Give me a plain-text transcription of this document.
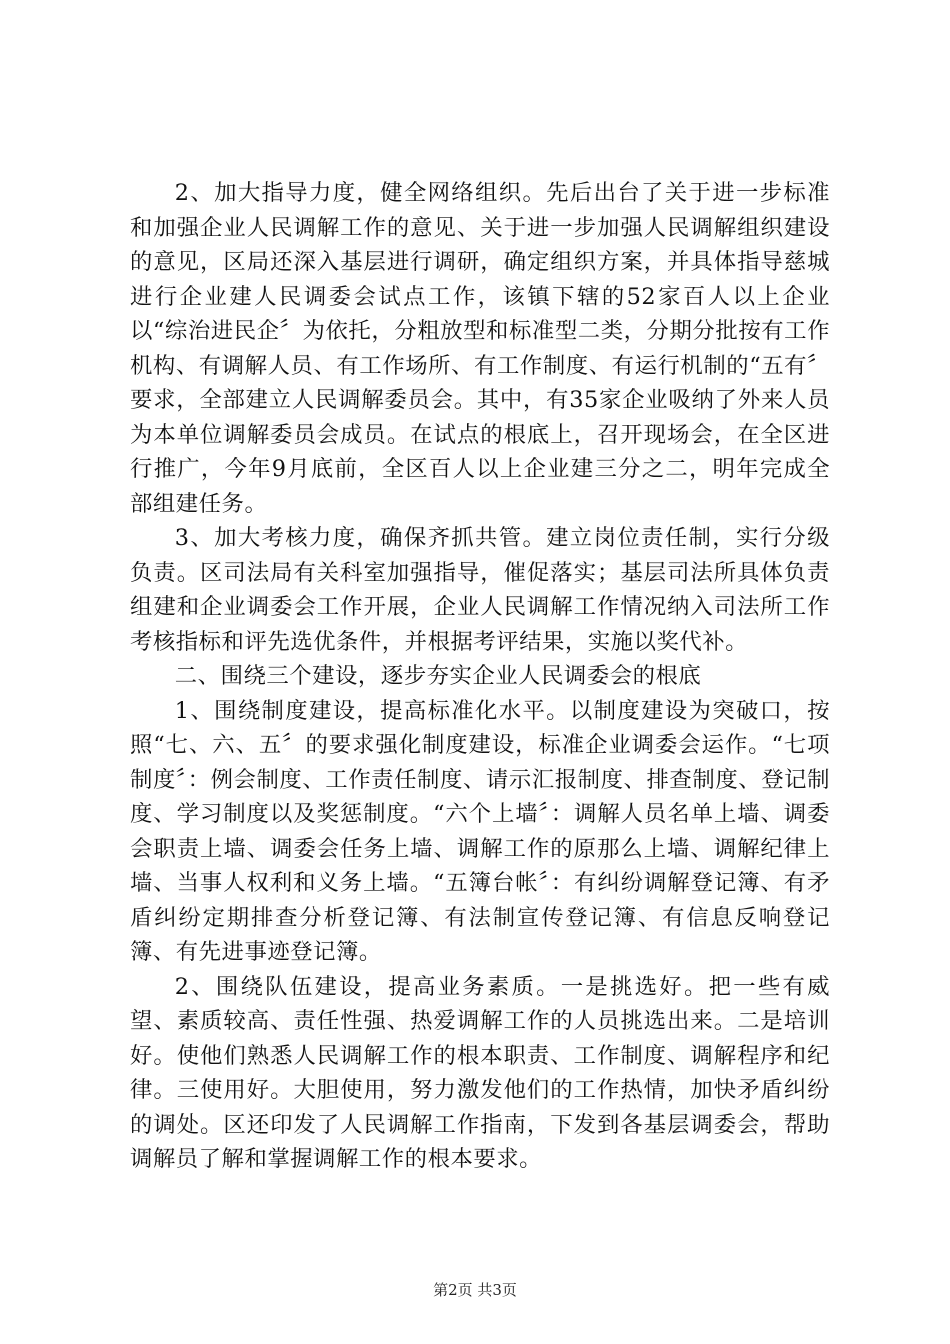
2、加大指导力度，健全网络组织。先后出台了关于进一步标准和加强企业人民调解工作的意见、关于进一步加强人民调解组织建设的意见，区局还深入基层进行调研，确定组织方案，并具体指导慈城进行企业建人民调委会试点工作，该镇下辖的52家百人以上企业以“综治进民企〞为依托，分粗放型和标准型二类，分期分批按有工作机构、有调解人员、有工作场所、有工作制度、有运行机制的“五有〞要求，全部建立人民调解委员会。其中，有35家企业吸纳了外来人员为本单位调解委员会成员。在试点的根底上，召开现场会，在全区进行推广，今年9月底前，全区百人以上企业建三分之二，明年完成全部组建任务。

3、加大考核力度，确保齐抓共管。建立岗位责任制，实行分级负责。区司法局有关科室加强指导，催促落实；基层司法所具体负责组建和企业调委会工作开展，企业人民调解工作情况纳入司法所工作考核指标和评先选优条件，并根据考评结果，实施以奖代补。

二、围绕三个建设，逐步夯实企业人民调委会的根底

1、围绕制度建设，提高标准化水平。以制度建设为突破口，按照“七、六、五〞的要求强化制度建设，标准企业调委会运作。“七项制度〞：例会制度、工作责任制度、请示汇报制度、排查制度、登记制度、学习制度以及奖惩制度。“六个上墙〞：调解人员名单上墙、调委会职责上墙、调委会任务上墙、调解工作的原那么上墙、调解纪律上墙、当事人权利和义务上墙。“五簿台帐〞：有纠纷调解登记簿、有矛盾纠纷定期排查分析登记簿、有法制宣传登记簿、有信息反响登记簿、有先进事迹登记簿。

2、围绕队伍建设，提高业务素质。一是挑选好。把一些有威望、素质较高、责任性强、热爱调解工作的人员挑选出来。二是培训好。使他们熟悉人民调解工作的根本职责、工作制度、调解程序和纪律。三使用好。大胆使用，努力激发他们的工作热情，加快矛盾纠纷的调处。区还印发了人民调解工作指南，下发到各基层调委会，帮助调解员了解和掌握调解工作的根本要求。

第2页 共3页
